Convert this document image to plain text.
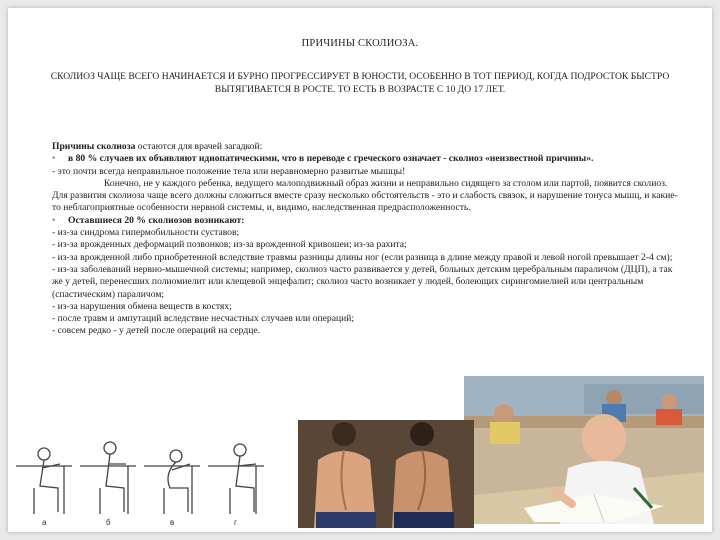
ПРИЧИНЫ СКОЛИОЗА.
СКОЛИОЗ ЧАЩЕ ВСЕГО НАЧИНАЕТСЯ И БУРНО ПРОГРЕССИРУЕТ В ЮНОСТИ, ОСОБЕННО В ТОТ ПЕРИОД, КОГДА ПОДРОСТОК БЫСТРО ВЫТЯГИВАЕТСЯ В РОСТЕ. ТО ЕСТЬ В ВОЗРАСТЕ С 10 ДО 17 ЛЕТ.

Причины сколиоза остаются для врачей загадкой:

• в 80 % случаев их объявляют идиопатическими, что в переводе с греческого означает - сколиоз «неизвестной причины».

- это почти всегда неправильное положение тела или неравномерно развитые мышцы!

Конечно, не у каждого ребенка, ведущего малоподвижный образ жизни и неправильно сидящего за столом или партой, появится сколиоз. Для развития сколиоза чаще всего должны сложиться вместе сразу несколько обстоятельств - это и слабость связок, и нарушение тонуса мышц, и какие-то неблагоприятные особенности нервной системы, и, видимо, наследственная предрасположенность.

• Оставшиеся 20 % сколиозов возникают:

- из-за синдрома гипермобильности суставов;

- из-за врожденных деформаций позвонков; из-за врожденной кривошеи; из-за рахита;

- из-за врожденной либо приобретенной вследствие травмы разницы длины ног (если разница в длине между правой и левой ногой превышает 2-4 см);

- из-за заболеваний нервно-мышечной системы; например, сколиоз часто развивается у детей, больных детским церебральным параличом (ДЦП), а так же у детей, перенесших полиомиелит или клещевой энцефалит; сколиоз часто возникает у людей, болеющих сирингомиелией или центральным (спастическим) параличом;

- из-за нарушения обмена веществ в костях;

- после травм и ампутаций вследствие несчастных случаев или операций;

- совсем редко - у детей после операций на сердце.

а	б	в	г
